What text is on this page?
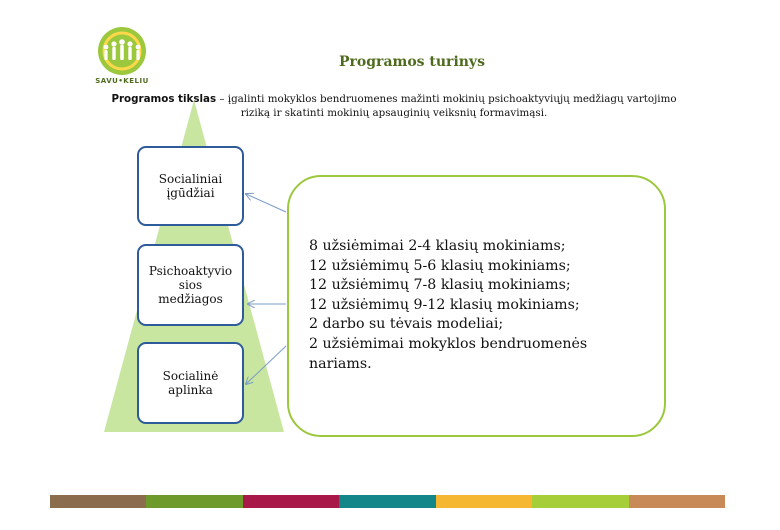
SAVU•KELIU
Programos turinys
Programos tikslas – įgalinti mokyklos bendruomenes mažinti mokinių psichoaktyviųjų medžiagų vartojimo
riziką ir skatinti mokinių apsauginių veiksnių formavimąsi.
Socialiniai
įgūdžiai
Psichoaktyvio
sios
medžiagos
Socialinė
aplinka
8 užsiėmimai 2-4 klasių mokiniams;
12 užsiėmimų 5-6 klasių mokiniams;
12 užsiėmimų 7-8 klasių mokiniams;
12 užsiėmimų 9-12 klasių mokiniams;
2 darbo su tėvais modeliai;
2 užsiėmimai mokyklos bendruomenės
nariams.
